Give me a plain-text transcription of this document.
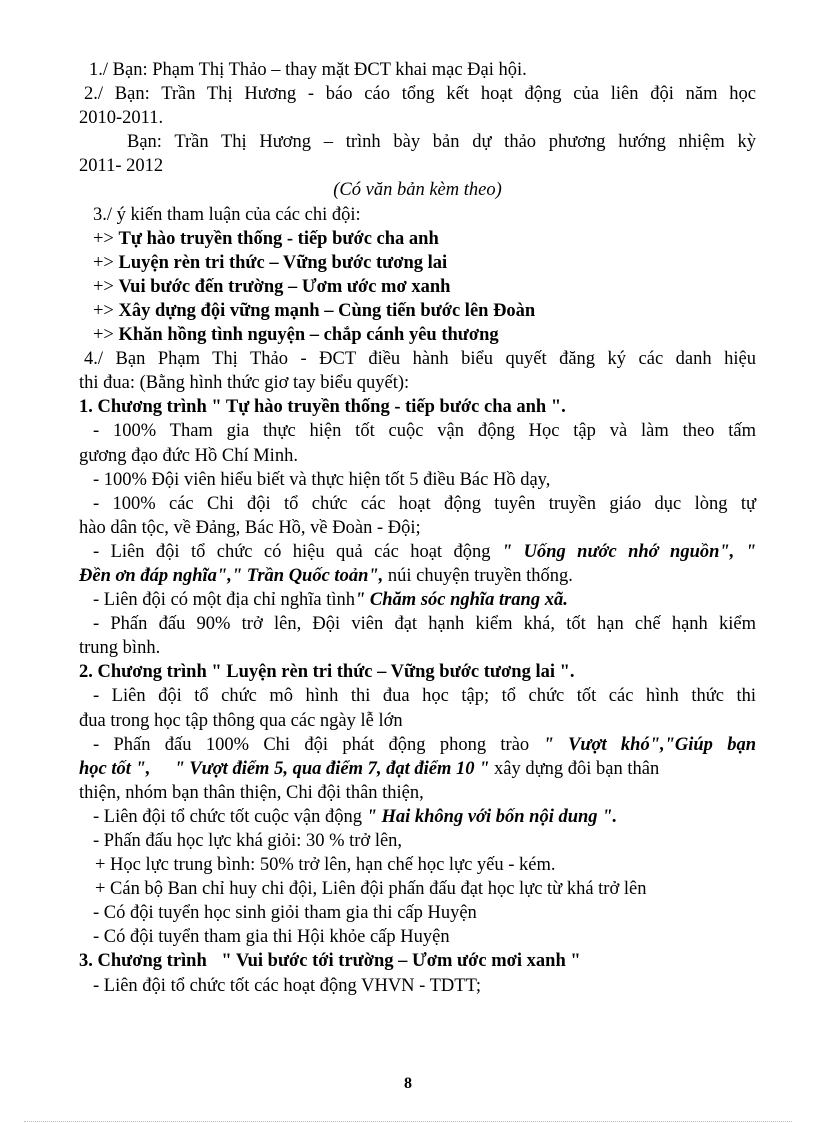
1./ Bạn: Phạm Thị Thảo – thay mặt ĐCT khai mạc Đại hội.
2./ Bạn: Trần Thị Hương - báo cáo tổng kết hoạt động của liên đội năm học
2010-2011.
Bạn: Trần Thị Hương – trình bày bản dự thảo phương hướng nhiệm kỳ
2011- 2012
(Có văn bản kèm theo)
3./ ý kiến tham luận của các chi đội:
+> Tự hào truyền thống - tiếp bước cha anh
+> Luyện rèn tri thức – Vững bước tương lai
+> Vui bước đến trường – Ươm ước mơ xanh
+> Xây dựng đội vững mạnh – Cùng tiến bước lên Đoàn
+> Khăn hồng tình nguyện – chắp cánh yêu thương
4./ Bạn Phạm Thị Thảo - ĐCT điều hành biểu quyết đăng ký các danh hiệu
thi đua: (Bằng hình thức giơ tay biểu quyết):
1. Chương trình " Tự hào truyền thống - tiếp bước cha anh ".
- 100% Tham gia thực hiện tốt cuộc vận động Học tập và làm theo tấm
gương đạo đức Hồ Chí Minh.
- 100% Đội viên hiểu biết và thực hiện tốt 5 điều Bác Hồ dạy,
- 100% các Chi đội tổ chức các hoạt động tuyên truyền giáo dục lòng tự
hào dân tộc, về Đảng, Bác Hồ, về Đoàn - Đội;
- Liên đội tổ chức có hiệu quả các hoạt động " Uống nước nhớ nguồn", "
Đền ơn đáp nghĩa"," Trần Quốc toản", núi chuyện truyền thống.
- Liên đội có một địa chỉ nghĩa tình" Chăm sóc nghĩa trang xã.
- Phấn đấu 90% trở lên, Đội viên đạt hạnh kiểm khá, tốt hạn chế hạnh kiểm
trung bình.
2. Chương trình " Luyện rèn tri thức – Vững bước tương lai ".
- Liên đội tổ chức mô hình thi đua học tập; tổ chức tốt các hình thức thi
đua trong học tập thông qua các ngày lễ lớn
- Phấn đấu 100% Chi đội phát động phong trào " Vượt khó","Giúp bạn
học tốt ", " Vượt điểm 5, qua điểm 7, đạt điểm 10 " xây dựng đôi bạn thân
thiện, nhóm bạn thân thiện, Chi đội thân thiện,
- Liên đội tổ chức tốt cuộc vận động " Hai không với bốn nội dung ".
- Phấn đấu học lực khá giỏi: 30 % trở lên,
+ Học lực trung bình: 50% trở lên, hạn chế học lực yếu - kém.
+ Cán bộ Ban chỉ huy chi đội, Liên đội phấn đấu đạt học lực từ khá trở lên
- Có đội tuyển học sinh giỏi tham gia thi cấp Huyện
- Có đội tuyển tham gia thi Hội khỏe cấp Huyện
3. Chương trình " Vui bước tới trường – Ươm ước mơi xanh "
- Liên đội tổ chức tốt các hoạt động VHVN - TDTT;
8
